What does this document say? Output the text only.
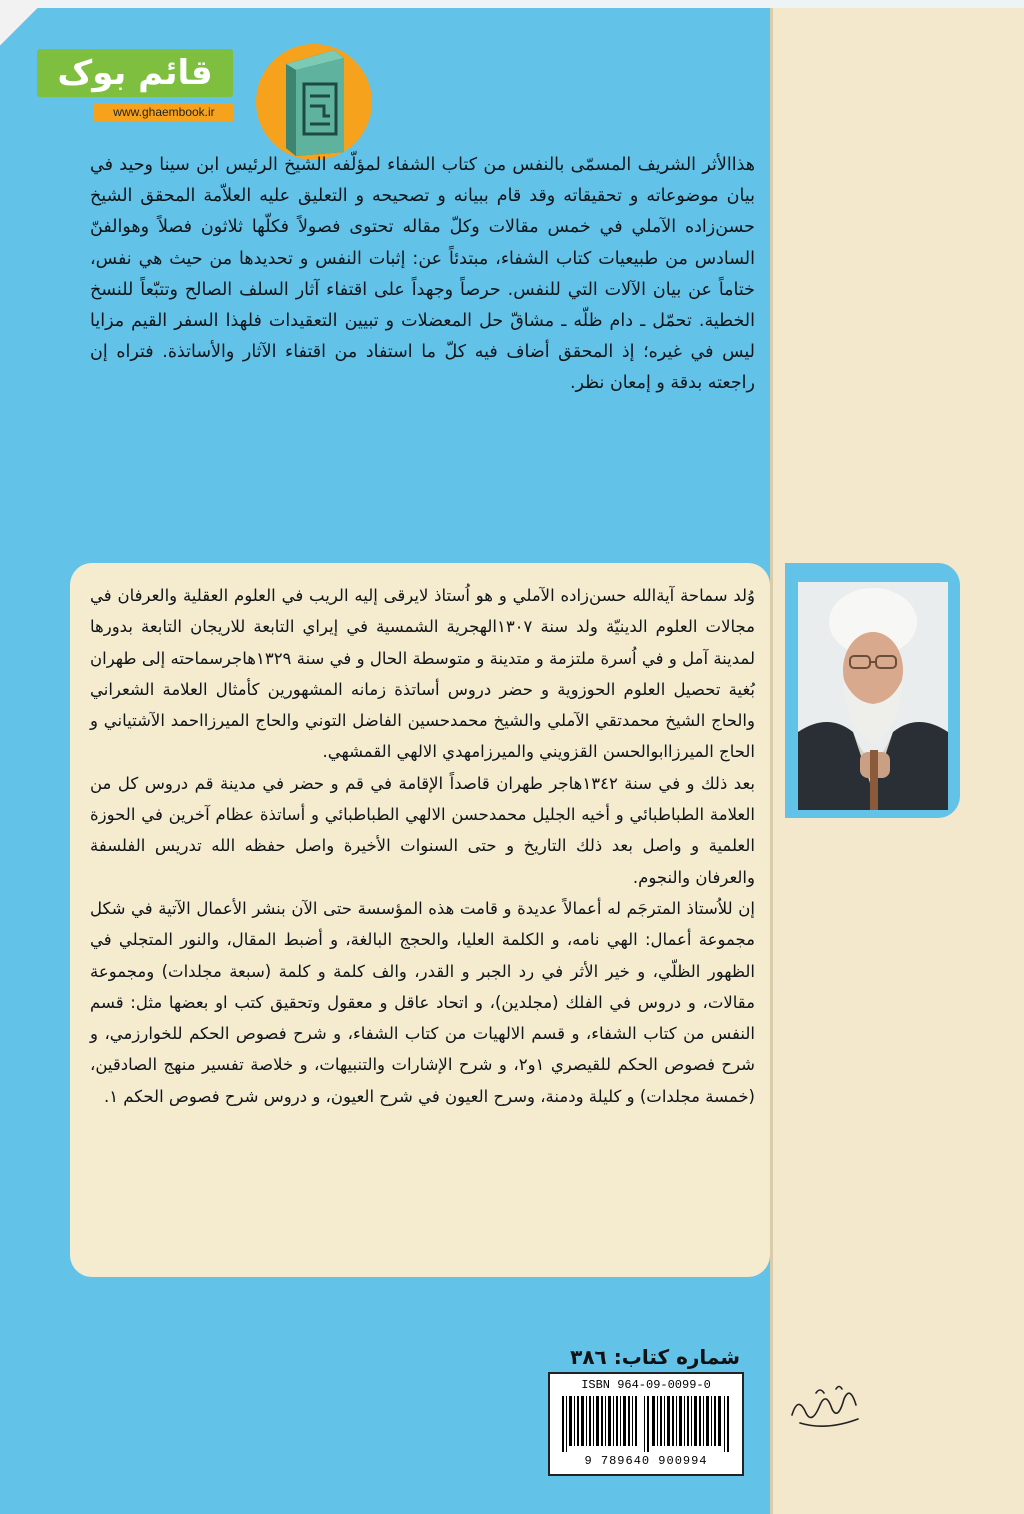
قائم بوک
www.ghaembook.ir

هذاالأثر الشريف المسمّى بالنفس من كتاب الشفاء لمؤلّفه الشيخ الرئيس ابن سينا وحيد في بيان موضوعاته و تحقيقاته وقد قام ببيانه و تصحيحه و التعليق عليه العلاّمة المحقق الشيخ حسن‌زاده الآملي في خمس مقالات وكلّ مقاله تحتوى فصولاً فكلّها ثلاثون فصلاً وهوالفنّ السادس من طبيعيات كتاب الشفاء، مبتدئاً عن: إثبات النفس و تحديدها من حيث هي نفس، ختاماً عن بيان الآلات التي للنفس. حرصاً وجهداً على اقتفاء آثار السلف الصالح وتتبّعاً للنسخ الخطية. تحمّل ـ دام ظلّه ـ مشاقّ حل المعضلات و تبيين التعقيدات فلهذا السفر القيم مزايا ليس في غيره؛ إذ المحقق أضاف فيه كلّ ما استفاد من اقتفاء الآثار والأساتذة. فتراه إن راجعته بدقة و إمعان نظر.

وُلد سماحة آية‌الله حسن‌زاده الآملي و هو اُستاذ لايرقى إليه الريب في العلوم العقلية والعرفان في مجالات العلوم الدينيّة ولد سنة ١٣٠٧الهجرية الشمسية في إيراي التابعة للاريجان التابعة بدورها لمدينة آمل و في اُسرة ملتزمة و متدينة و متوسطة الحال و في سنة ١٣٢٩هاجرسماحته إلى طهران بُغية تحصيل العلوم الحوزوية و حضر دروس أساتذة زمانه المشهورين كأمثال العلامة الشعراني والحاج الشيخ محمدتقي الآملي والشيخ محمدحسين الفاضل التوني والحاج الميرزااحمد الآشتياني و الحاج الميرزاابوالحسن القزويني والميرزامهدي الالهي القمشهي.

بعد ذلك و في سنة ١٣٤٢هاجر طهران قاصداً الإقامة في قم و حضر في مدينة قم دروس كل من العلامة الطباطبائي و أخيه الجليل محمدحسن الالهي الطباطبائي و أساتذة عظام آخرين في الحوزة العلمية و واصل بعد ذلك التاريخ و حتى السنوات الأخيرة واصل حفظه الله تدريس الفلسفة والعرفان والنجوم.

إن للاُستاذ المترجَم له أعمالاً عديدة و قامت هذه المؤسسة حتى الآن بنشر الأعمال الآتية في شكل مجموعة أعمال: الهي نامه، و الكلمة العليا، والحجج البالغة، و أضبط المقال، والنور المتجلي في الظهور الظلّي، و خير الأثر في رد الجبر و القدر، والف كلمة و كلمة (سبعة مجلدات) ومجموعة مقالات، و دروس في الفلك (مجلدين)، و اتحاد عاقل و معقول وتحقيق كتب او بعضها مثل: قسم النفس من كتاب الشفاء، و قسم الالهيات من كتاب الشفاء، و شرح فصوص الحكم للخوارزمي، و شرح فصوص الحكم للقيصري ١و٢، و شرح الإشارات والتنبيهات، و خلاصة تفسير منهج الصادقين، (خمسة مجلدات) و كليلة ودمنة، وسرح العيون في شرح العيون، و دروس شرح فصوص الحكم ١.

شماره كتاب: ٣٨٦
ISBN 964-09-0099-0
9 789640 900994
